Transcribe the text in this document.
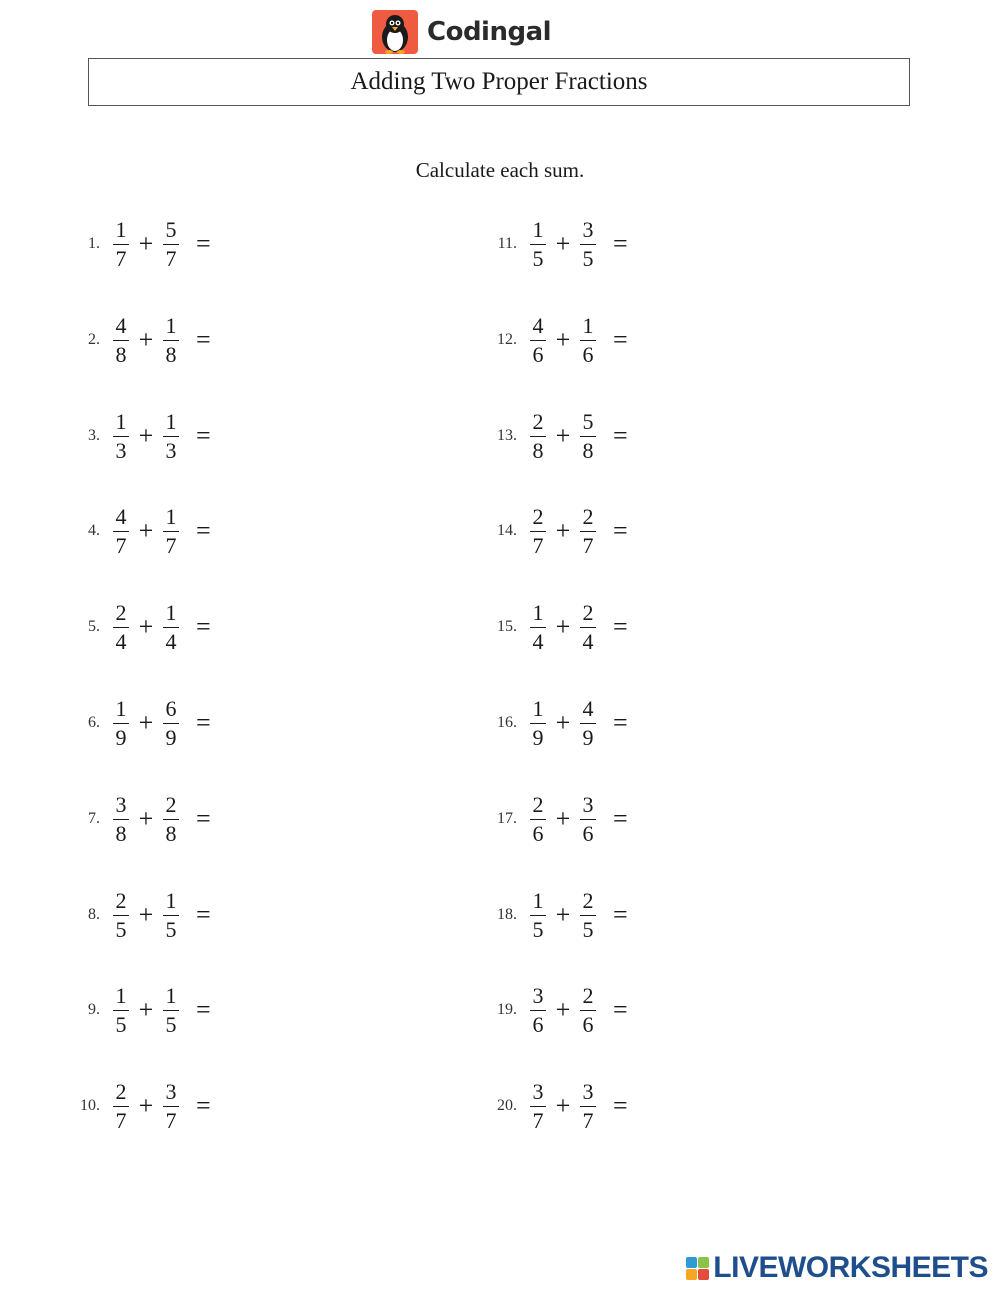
Codingal
Adding Two Proper Fractions
Calculate each sum.
1. $\frac{1}{7} + \frac{5}{7}$ =
2. $\frac{4}{8} + \frac{1}{8}$ =
3. $\frac{1}{3} + \frac{1}{3}$ =
4. $\frac{4}{7} + \frac{1}{7}$ =
5. $\frac{2}{4} + \frac{1}{4}$ =
6. $\frac{1}{9} + \frac{6}{9}$ =
7. $\frac{3}{8} + \frac{2}{8}$ =
8. $\frac{2}{5} + \frac{1}{5}$ =
9. $\frac{1}{5} + \frac{1}{5}$ =
10. $\frac{2}{7} + \frac{3}{7}$ =
11. $\frac{1}{5} + \frac{3}{5}$ =
12. $\frac{4}{6} + \frac{1}{6}$ =
13. $\frac{2}{8} + \frac{5}{8}$ =
14. $\frac{2}{7} + \frac{2}{7}$ =
15. $\frac{1}{4} + \frac{2}{4}$ =
16. $\frac{1}{9} + \frac{4}{9}$ =
17. $\frac{2}{6} + \frac{3}{6}$ =
18. $\frac{1}{5} + \frac{2}{5}$ =
19. $\frac{3}{6} + \frac{2}{6}$ =
20. $\frac{3}{7} + \frac{3}{7}$ =
LIVEWORKSHEETS
